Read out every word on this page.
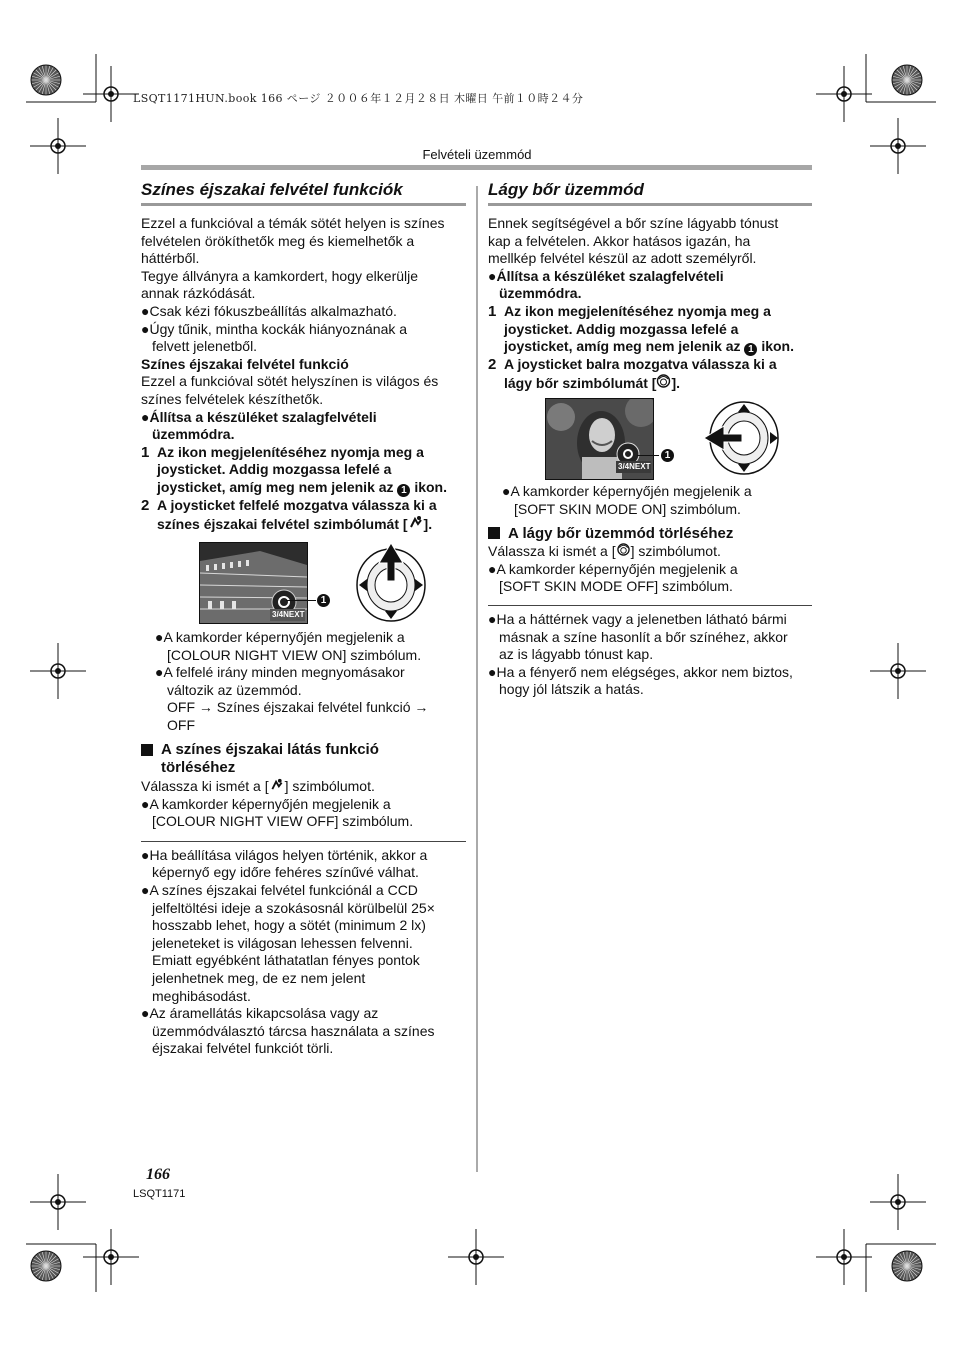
LSQT1171HUN.book 166 ページ ２００６年１２月２８日 木曜日 午前１０時２４分
Felvételi üzemmód
Színes éjszakai felvétel funkciók

Ezzel a funkcióval a témák sötét helyen is színes

felvételen örökíthetők meg és kiemelhetők a

háttérből.

Tegye állványra a kamkordert, hogy elkerülje

annak rázkódását.

●Csak kézi fókuszbeállítás alkalmazható.

●Úgy tűnik, mintha kockák hiányoznának a

felvett jelenetből.

Színes éjszakai felvétel funkció

Ezzel a funkcióval sötét helyszínen is világos és

színes felvételek készíthetők.

●Állítsa a készüléket szalagfelvételi

üzemmódra.

1 Az ikon megjelenítéséhez nyomja meg a
joysticket. Addig mozgassa lefelé a
joysticket, amíg meg nem jelenik az 1 ikon.
2 A joysticket felfelé mozgatva válassza ki a
színes éjszakai felvétel szimbólumát [ ].
3/4NEXT
1

●A kamkorder képernyőjén megjelenik a

[COLOUR NIGHT VIEW ON] szimbólum.

●A felfelé irány minden megnyomásakor

változik az üzemmód.

OFF → Színes éjszakai felvétel funkció →

OFF

A színes éjszakai látás funkció
törléséhez

Válassza ki ismét a [ ] szimbólumot.

●A kamkorder képernyőjén megjelenik a

[COLOUR NIGHT VIEW OFF] szimbólum.

●Ha beállítása világos helyen történik, akkor a

képernyő egy időre fehéres színűvé válhat.

●A színes éjszakai felvétel funkciónál a CCD

jelfeltöltési ideje a szokásosnál körülbelül 25×

hosszabb lehet, hogy a sötét (minimum 2 lx)

jeleneteket is világosan lehessen felvenni.

Emiatt egyébként láthatatlan fényes pontok

jelenhetnek meg, de ez nem jelent

meghibásodást.

●Az áramellátás kikapcsolása vagy az

üzemmódválasztó tárcsa használata a színes

éjszakai felvétel funkciót törli.

Lágy bőr üzemmód

Ennek segítségével a bőr színe lágyabb tónust

kap a felvételen. Akkor hatásos igazán, ha

mellkép felvétel készül az adott személyről.

●Állítsa a készüléket szalagfelvételi

üzemmódra.

1 Az ikon megjelenítéséhez nyomja meg a
joysticket. Addig mozgassa lefelé a
joysticket, amíg meg nem jelenik az 1 ikon.
2 A joysticket balra mozgatva válassza ki a
lágy bőr szimbólumát [ ].
3/4NEXT
1

●A kamkorder képernyőjén megjelenik a

[SOFT SKIN MODE ON] szimbólum.

A lágy bőr üzemmód törléséhez

Válassza ki ismét a [ ] szimbólumot.

●A kamkorder képernyőjén megjelenik a

[SOFT SKIN MODE OFF] szimbólum.

●Ha a háttérnek vagy a jelenetben látható bármi

másnak a színe hasonlít a bőr színéhez, akkor

az is lágyabb tónust kap.

●Ha a fényerő nem elégséges, akkor nem biztos,

hogy jól látszik a hatás.

166
LSQT1171
